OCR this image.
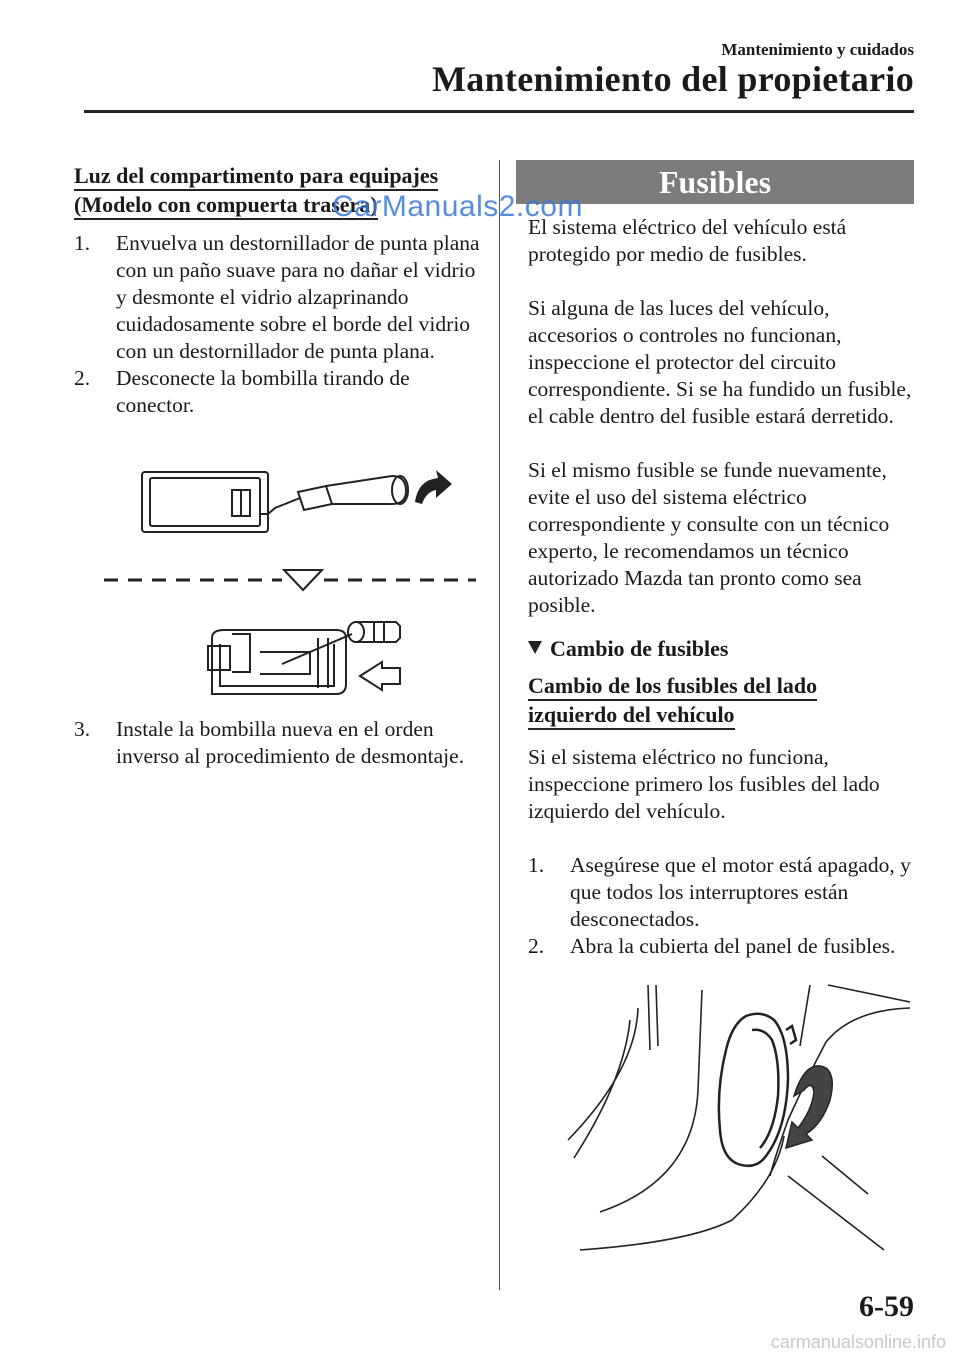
Mantenimiento y cuidados
Mantenimiento del propietario
Luz del compartimento para equipajes
(Modelo con compuerta trasera)
1. Envuelva un destornillador de punta plana con un paño suave para no dañar el vidrio y desmonte el vidrio alzaprinando cuidadosamente sobre el borde del vidrio con un destornillador de punta plana.
2. Desconecte la bombilla tirando de conector.
3. Instale la bombilla nueva en el orden inverso al procedimiento de desmontaje.
Fusibles

El sistema eléctrico del vehículo está protegido por medio de fusibles.

Si alguna de las luces del vehículo, accesorios o controles no funcionan, inspeccione el protector del circuito correspondiente. Si se ha fundido un fusible, el cable dentro del fusible estará derretido.

Si el mismo fusible se funde nuevamente, evite el uso del sistema eléctrico correspondiente y consulte con un técnico experto, le recomendamos un técnico autorizado Mazda tan pronto como sea posible.

Cambio de fusibles
Cambio de los fusibles del lado
izquierdo del vehículo

Si el sistema eléctrico no funciona, inspeccione primero los fusibles del lado izquierdo del vehículo.

1. Asegúrese que el motor está apagado, y que todos los interruptores están desconectados.
2. Abra la cubierta del panel de fusibles.
CarManuals2.com
6-59
carmanualsonline.info
